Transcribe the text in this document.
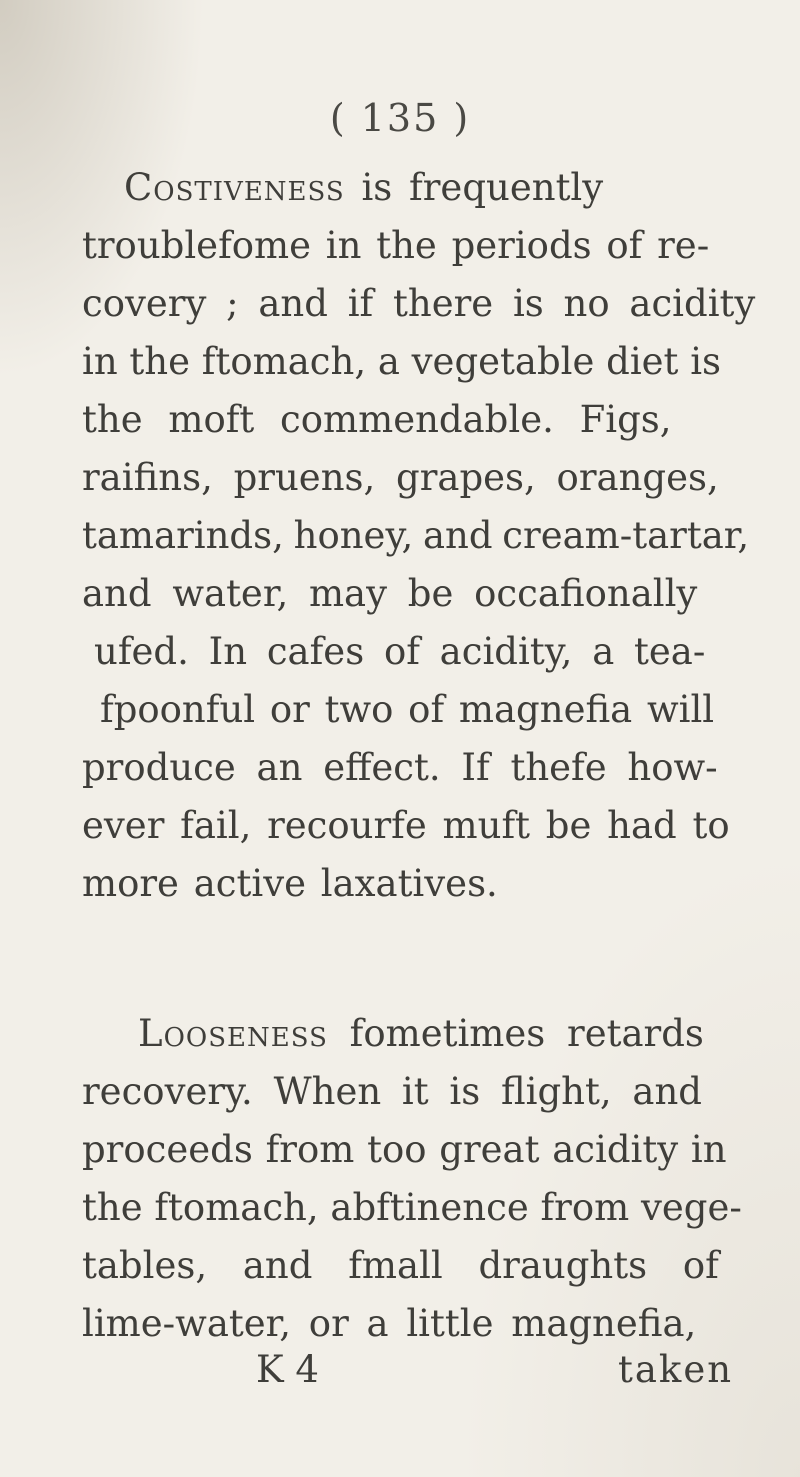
( 135 )
Costiveness is frequently
troublefome in the periods of re-
covery ; and if there is no acidity
in the ftomach, a vegetable diet is
the moft commendable. Figs,
raifins, pruens, grapes, oranges,
tamarinds, honey, and cream-tartar,
and water, may be occafionally
ufed. In cafes of acidity, a tea-
fpoonful or two of magnefia will
produce an effect. If thefe how-
ever fail, recourfe muft be had to
more active laxatives.
Looseness fometimes retards
recovery. When it is flight, and
proceeds from too great acidity in
the ftomach, abftinence from vege-
tables, and fmall draughts of
lime-water, or a little magnefia,
K 4	taken
